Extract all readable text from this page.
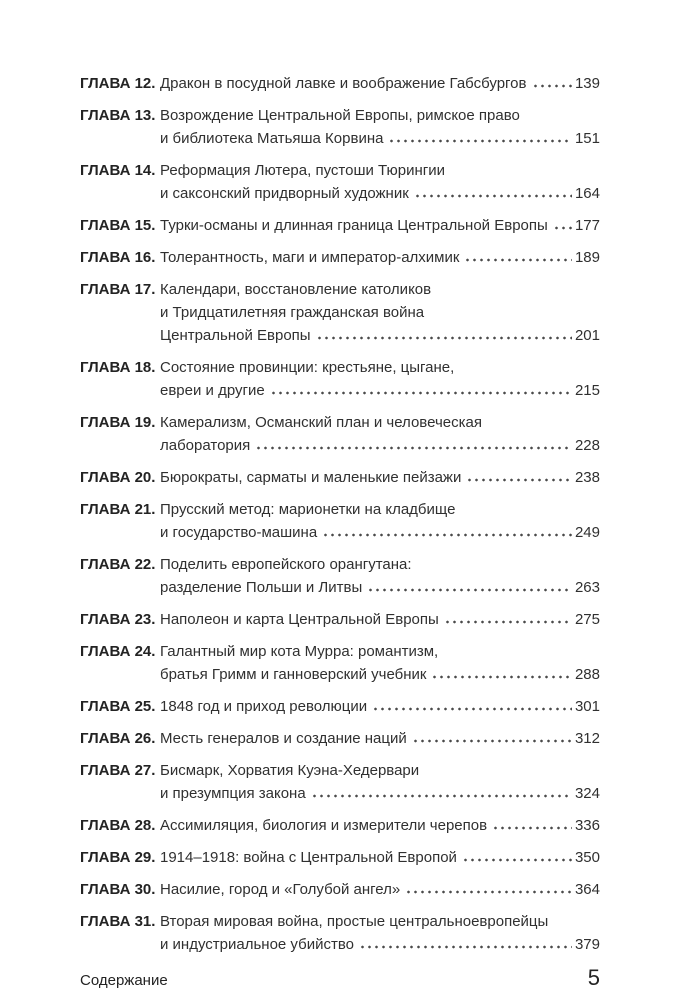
ГЛАВА 12. Дракон в посудной лавке и воображение Габсбургов	139
ГЛАВА 13. Возрождение Центральной Европы, римское право
и библиотека Матьяша Корвина	151
ГЛАВА 14. Реформация Лютера, пустоши Тюрингии
и саксонский придворный художник	164
ГЛАВА 15. Турки-османы и длинная граница Центральной Европы 177
ГЛАВА 16. Толерантность, маги и император-алхимик	189
ГЛАВА 17. Календари, восстановление католиков
и Тридцатилетняя гражданская война
Центральной Европы	201
ГЛАВА 18. Состояние провинции: крестьяне, цыгане,
евреи и другие	215
ГЛАВА 19. Камерализм, Османский план и человеческая
лаборатория	228
ГЛАВА 20. Бюрократы, сарматы и маленькие пейзажи	238
ГЛАВА 21. Прусский метод: марионетки на кладбище
и государство-машина	249
ГЛАВА 22. Поделить европейского орангутана:
разделение Польши и Литвы	263
ГЛАВА 23. Наполеон и карта Центральной Европы	275
ГЛАВА 24. Галантный мир кота Мурра: романтизм,
братья Гримм и ганноверский учебник	288
ГЛАВА 25. 1848 год и приход революции	301
ГЛАВА 26. Месть генералов и создание наций	312
ГЛАВА 27. Бисмарк, Хорватия Куэна-Хедервари
и презумпция закона	324
ГЛАВА 28. Ассимиляция, биология и измерители черепов	336
ГЛАВА 29. 1914–1918: война с Центральной Европой	350
ГЛАВА 30. Насилие, город и «Голубой ангел»	364
ГЛАВА 31. Вторая мировая война, простые центральноевропейцы
и индустриальное убийство	379
Содержание	5
